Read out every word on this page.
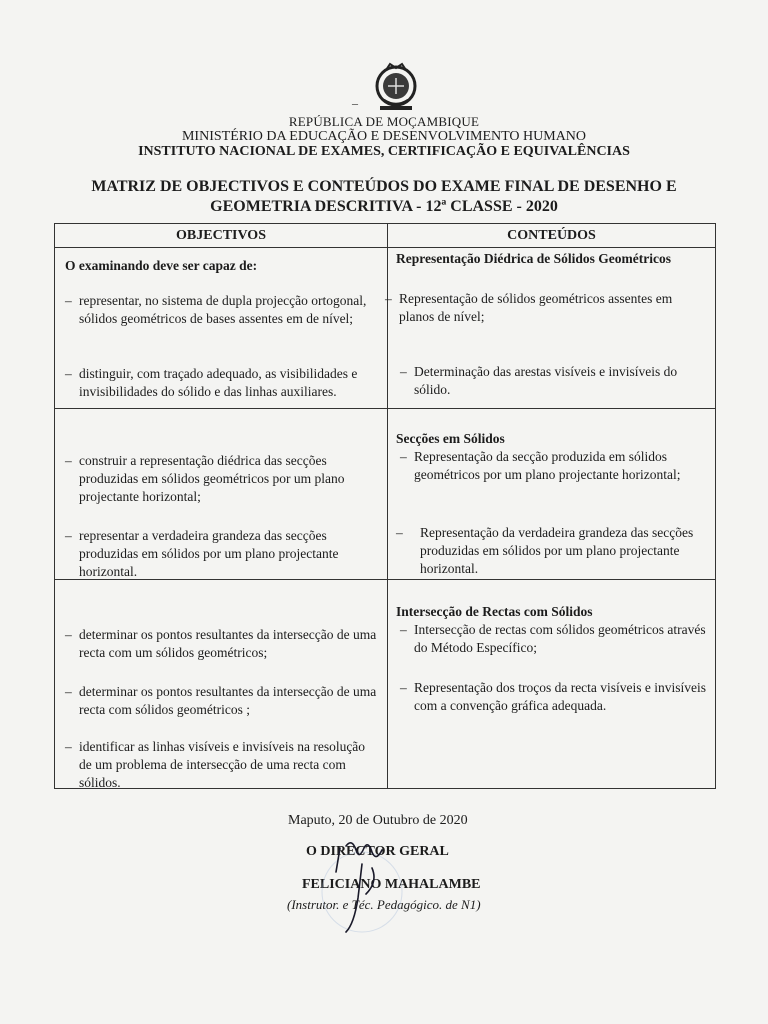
–
REPÚBLICA DE MOÇAMBIQUE
MINISTÉRIO DA EDUCAÇÃO E DESENVOLVIMENTO HUMANO
INSTITUTO NACIONAL DE EXAMES, CERTIFICAÇÃO E EQUIVALÊNCIAS
MATRIZ DE OBJECTIVOS E CONTEÚDOS DO EXAME FINAL DE DESENHO E
GEOMETRIA DESCRITIVA - 12ª CLASSE - 2020
OBJECTIVOS	CONTEÚDOS
O examinando deve ser capaz de:
– representar, no sistema de dupla projecção ortogonal, sólidos geométricos de bases assentes em de nível;
– distinguir, com traçado adequado, as visibilidades e invisibilidades do sólido e das linhas auxiliares.
Representação Diédrica de Sólidos Geométricos
– Representação de sólidos geométricos assentes em planos de nível;
– Determinação das arestas visíveis e invisíveis do sólido.
– construir a representação diédrica das secções produzidas em sólidos geométricos por um plano projectante horizontal;
– representar a verdadeira grandeza das secções produzidas em sólidos por um plano projectante horizontal.
Secções em Sólidos
– Representação da secção produzida em sólidos geométricos por um plano projectante horizontal;
–	Representação da verdadeira grandeza das secções produzidas em sólidos por um plano projectante horizontal.
– determinar os pontos resultantes da intersecção de uma recta com um sólidos geométricos;
– determinar os pontos resultantes da intersecção de uma recta com sólidos geométricos ;
– identificar as linhas visíveis e invisíveis na resolução de um problema de intersecção de uma recta com sólidos.
Intersecção de Rectas com Sólidos
– Intersecção de rectas com sólidos geométricos através do Método Específico;
– Representação dos troços da recta visíveis e invisíveis com a convenção gráfica adequada.
Maputo, 20 de Outubro de 2020
O DIRECTOR GERAL
FELICIANO MAHALAMBE
(Instrutor. e Téc. Pedagógico. de N1)
